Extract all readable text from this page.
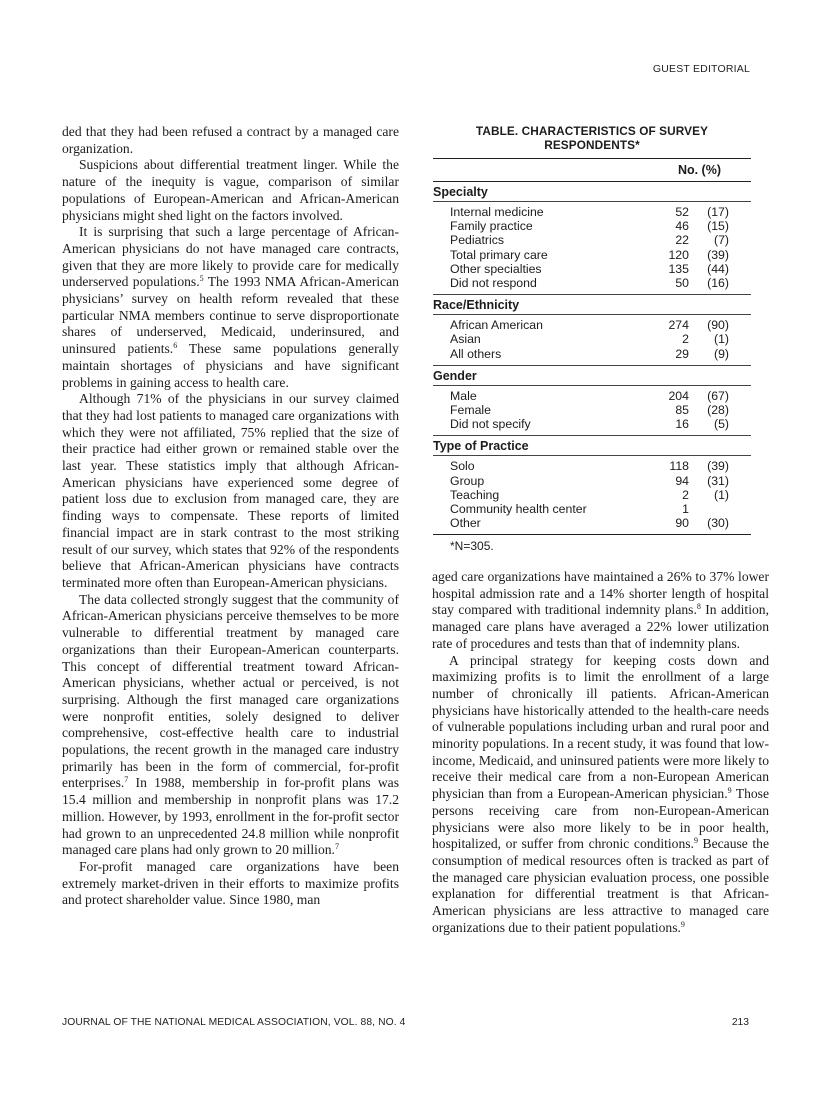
GUEST EDITORIAL

ded that they had been refused a contract by a managed care organization.

Suspicions about differential treatment linger. While the nature of the inequity is vague, comparison of similar populations of European-American and African-American physicians might shed light on the factors involved.

It is surprising that such a large percentage of African-American physicians do not have managed care contracts, given that they are more likely to provide care for medically underserved populations.$^5$ The 1993 NMA African-American physicians’ survey on health reform revealed that these particular NMA members continue to serve disproportionate shares of underserved, Medicaid, underinsured, and uninsured patients.$^6$ These same populations generally maintain shortages of physicians and have significant problems in gaining access to health care.

Although 71% of the physicians in our survey claimed that they had lost patients to managed care organizations with which they were not affiliated, 75% replied that the size of their practice had either grown or remained stable over the last year. These statistics imply that although African-American physicians have experienced some degree of patient loss due to exclusion from managed care, they are finding ways to compensate. These reports of limited financial impact are in stark contrast to the most striking result of our survey, which states that 92% of the respondents believe that African-American physicians have contracts terminated more often than European-American physicians.

The data collected strongly suggest that the community of African-American physicians perceive themselves to be more vulnerable to differential treatment by managed care organizations than their European-American counterparts. This concept of differential treatment toward African-American physicians, whether actual or perceived, is not surprising. Although the first managed care organizations were nonprofit entities, solely designed to deliver comprehensive, cost-effective health care to industrial populations, the recent growth in the managed care industry primarily has been in the form of commercial, for-profit enterprises.$^7$ In 1988, membership in for-profit plans was 15.4 million and membership in nonprofit plans was 17.2 million. However, by 1993, enrollment in the for-profit sector had grown to an unprecedented 24.8 million while nonprofit managed care plans had only grown to 20 million.$^7$

For-profit managed care organizations have been extremely market-driven in their efforts to maximize profits and protect shareholder value. Since 1980, man

TABLE. CHARACTERISTICS OF SURVEY RESPONDENTS*
No. (%)
Specialty
Internal medicine	52	(17)
Family practice	46	(15)
Pediatrics	22	(7)
Total primary care	120	(39)
Other specialties	135	(44)
Did not respond	50	(16)
Race/Ethnicity
African American	274	(90)
Asian	2	(1)
All others	29	(9)
Gender
Male	204	(67)
Female	85	(28)
Did not specify	16	(5)
Type of Practice
Solo	118	(39)
Group	94	(31)
Teaching	2	(1)
Community health center	1
Other	90	(30)
*N=305.

aged care organizations have maintained a 26% to 37% lower hospital admission rate and a 14% shorter length of hospital stay compared with traditional indemnity plans.$^8$ In addition, managed care plans have averaged a 22% lower utilization rate of procedures and tests than that of indemnity plans.

A principal strategy for keeping costs down and maximizing profits is to limit the enrollment of a large number of chronically ill patients. African-American physicians have historically attended to the health-care needs of vulnerable populations including urban and rural poor and minority populations. In a recent study, it was found that low-income, Medicaid, and uninsured patients were more likely to receive their medical care from a non-European American physician than from a European-American physician.$^9$ Those persons receiving care from non-European-American physicians were also more likely to be in poor health, hospitalized, or suffer from chronic conditions.$^9$ Because the consumption of medical resources often is tracked as part of the managed care physician evaluation process, one possible explanation for differential treatment is that African-American physicians are less attractive to managed care organizations due to their patient populations.$^9$

JOURNAL OF THE NATIONAL MEDICAL ASSOCIATION, VOL. 88, NO. 4	213
